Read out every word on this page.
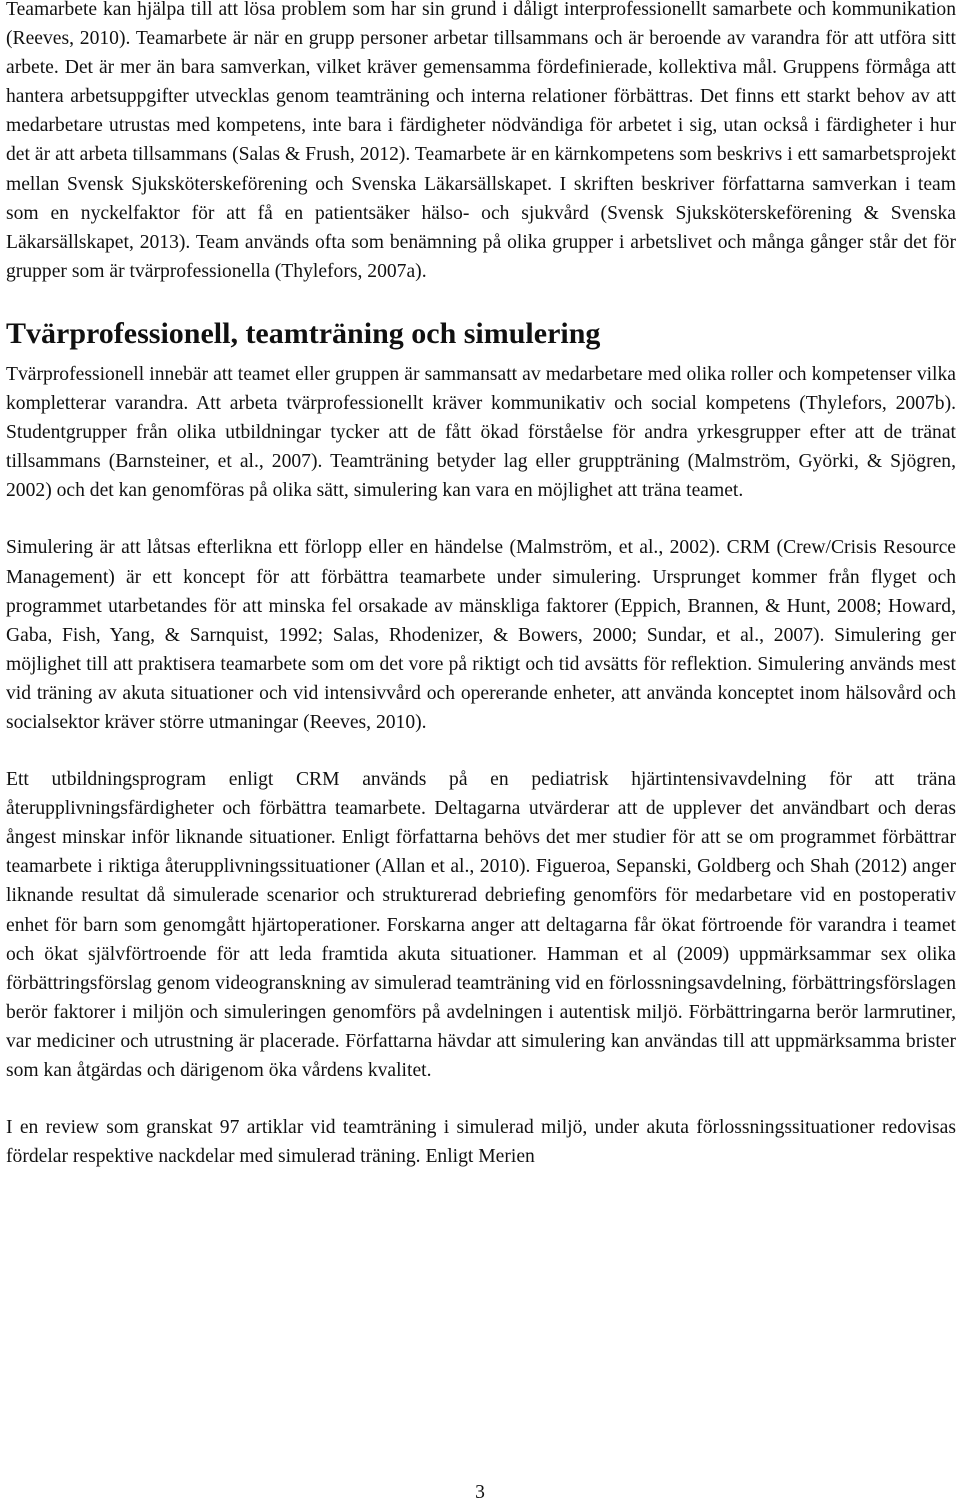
Teamarbete kan hjälpa till att lösa problem som har sin grund i dåligt interprofessionellt samarbete och kommunikation (Reeves, 2010). Teamarbete är när en grupp personer arbetar tillsammans och är beroende av varandra för att utföra sitt arbete. Det är mer än bara samverkan, vilket kräver gemensamma fördefinierade, kollektiva mål. Gruppens förmåga att hantera arbetsuppgifter utvecklas genom teamträning och interna relationer förbättras. Det finns ett starkt behov av att medarbetare utrustas med kompetens, inte bara i färdigheter nödvändiga för arbetet i sig, utan också i färdigheter i hur det är att arbeta tillsammans (Salas & Frush, 2012). Teamarbete är en kärnkompetens som beskrivs i ett samarbetsprojekt mellan Svensk Sjuksköterskeförening och Svenska Läkarsällskapet. I skriften beskriver författarna samverkan i team som en nyckelfaktor för att få en patientsäker hälso- och sjukvård (Svensk Sjuksköterskeförening & Svenska Läkarsällskapet, 2013). Team används ofta som benämning på olika grupper i arbetslivet och många gånger står det för grupper som är tvärprofessionella (Thylefors, 2007a).

Tvärprofessionell, teamträning och simulering

Tvärprofessionell innebär att teamet eller gruppen är sammansatt av medarbetare med olika roller och kompetenser vilka kompletterar varandra. Att arbeta tvärprofessionellt kräver kommunikativ och social kompetens (Thylefors, 2007b). Studentgrupper från olika utbildningar tycker att de fått ökad förståelse för andra yrkesgrupper efter att de tränat tillsammans (Barnsteiner, et al., 2007). Teamträning betyder lag eller gruppträning (Malmström, Györki, & Sjögren, 2002) och det kan genomföras på olika sätt, simulering kan vara en möjlighet att träna teamet.

Simulering är att låtsas efterlikna ett förlopp eller en händelse (Malmström, et al., 2002). CRM (Crew/Crisis Resource Management) är ett koncept för att förbättra teamarbete under simulering. Ursprunget kommer från flyget och programmet utarbetandes för att minska fel orsakade av mänskliga faktorer (Eppich, Brannen, & Hunt, 2008; Howard, Gaba, Fish, Yang, & Sarnquist, 1992; Salas, Rhodenizer, & Bowers, 2000; Sundar, et al., 2007). Simulering ger möjlighet till att praktisera teamarbete som om det vore på riktigt och tid avsätts för reflektion. Simulering används mest vid träning av akuta situationer och vid intensivvård och opererande enheter, att använda konceptet inom hälsovård och socialsektor kräver större utmaningar (Reeves, 2010).

Ett utbildningsprogram enligt CRM används på en pediatrisk hjärtintensivavdelning för att träna återupplivningsfärdigheter och förbättra teamarbete. Deltagarna utvärderar att de upplever det användbart och deras ångest minskar inför liknande situationer. Enligt författarna behövs det mer studier för att se om programmet förbättrar teamarbete i riktiga återupplivningssituationer (Allan et al., 2010). Figueroa, Sepanski, Goldberg och Shah (2012) anger liknande resultat då simulerade scenarior och strukturerad debriefing genomförs för medarbetare vid en postoperativ enhet för barn som genomgått hjärtoperationer. Forskarna anger att deltagarna får ökat förtroende för varandra i teamet och ökat självförtroende för att leda framtida akuta situationer. Hamman et al (2009) uppmärksammar sex olika förbättringsförslag genom videogranskning av simulerad teamträning vid en förlossningsavdelning, förbättringsförslagen berör faktorer i miljön och simuleringen genomförs på avdelningen i autentisk miljö. Förbättringarna berör larmrutiner, var mediciner och utrustning är placerade. Författarna hävdar att simulering kan användas till att uppmärksamma brister som kan åtgärdas och därigenom öka vårdens kvalitet.

I en review som granskat 97 artiklar vid teamträning i simulerad miljö, under akuta förlossningssituationer redovisas fördelar respektive nackdelar med simulerad träning. Enligt Merien

3
